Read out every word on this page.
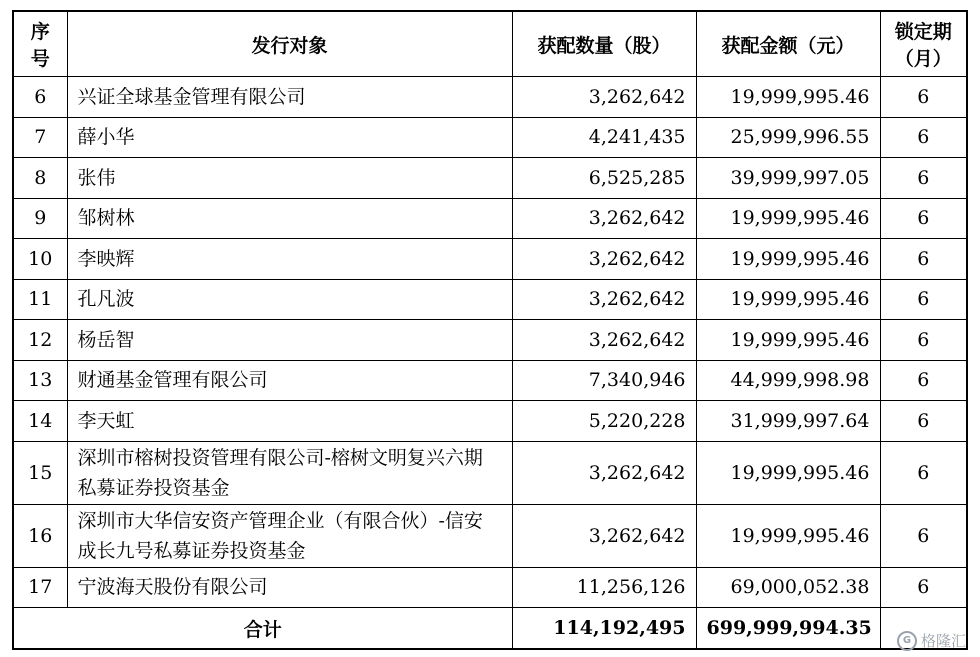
序号	发行对象	获配数量（股）	获配金额（元）	锁定期（月）
6	兴证全球基金管理有限公司	3,262,642	19,999,995.46	6
7	薛小华	4,241,435	25,999,996.55	6
8	张伟	6,525,285	39,999,997.05	6
9	邹树林	3,262,642	19,999,995.46	6
10	李映辉	3,262,642	19,999,995.46	6
11	孔凡波	3,262,642	19,999,995.46	6
12	杨岳智	3,262,642	19,999,995.46	6
13	财通基金管理有限公司	7,340,946	44,999,998.98	6
14	李天虹	5,220,228	31,999,997.64	6
15	深圳市榕树投资管理有限公司-榕树文明复兴六期私募证券投资基金	3,262,642	19,999,995.46	6
16	深圳市大华信安资产管理企业（有限合伙）-信安成长九号私募证券投资基金	3,262,642	19,999,995.46	6
17	宁波海天股份有限公司	11,256,126	69,000,052.38	6
合计		114,192,495	699,999,994.35	
G 格隆汇
